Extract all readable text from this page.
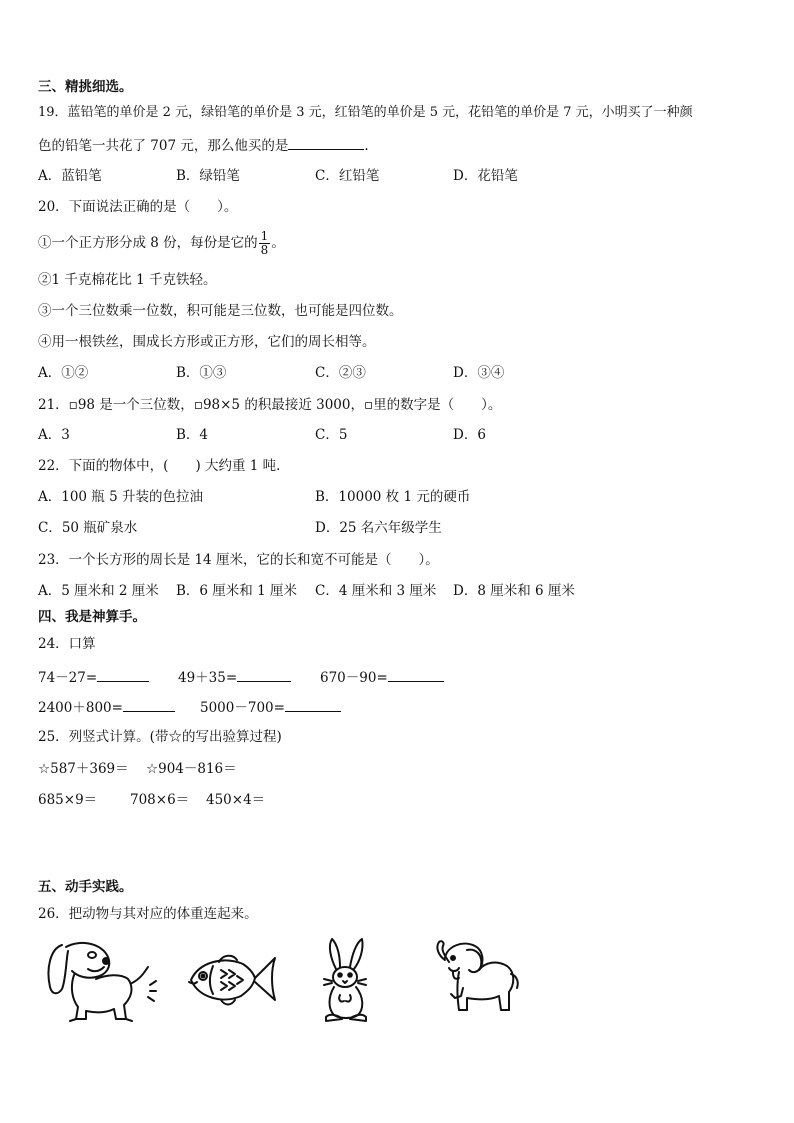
三、精挑细选。
19．蓝铅笔的单价是 2 元，绿铅笔的单价是 3 元，红铅笔的单价是 5 元，花铅笔的单价是 7 元，小明买了一种颜
色的铅笔一共花了 707 元，那么他买的是	.
A．蓝铅笔	B．绿铅笔	C．红铅笔	D．花铅笔
20．下面说法正确的是（　　）。
①一个正方形分成 8 份，每份是它的 $\frac{1}{8}$ 。
②1 千克棉花比 1 千克铁轻。
③一个三位数乘一位数，积可能是三位数，也可能是四位数。
④用一根铁丝，围成长方形或正方形，它们的周长相等。
A．①②	B．①③	C．②③	D．③④
21．▫98 是一个三位数，▫98×5 的积最接近 3000，▫里的数字是（　　）。
A．3	B．4	C．5	D．6
22．下面的物体中，(　　) 大约重 1 吨．
A．100 瓶 5 升装的色拉油	B．10000 枚 1 元的硬币
C．50 瓶矿泉水	D．25 名六年级学生
23．一个长方形的周长是 14 厘米，它的长和宽不可能是（　　）。
A．5 厘米和 2 厘米 B．6 厘米和 1 厘米 C．4 厘米和 3 厘米 D．8 厘米和 6 厘米
四、我是神算手。
24．口算
74－27=	49＋35=	670－90=
2400＋800=	5000－700=
25．列竖式计算。(带☆的写出验算过程)
☆587＋369＝ ☆904－816＝
685×9＝ 708×6＝ 450×4＝
五、动手实践。
26．把动物与其对应的体重连起来。
